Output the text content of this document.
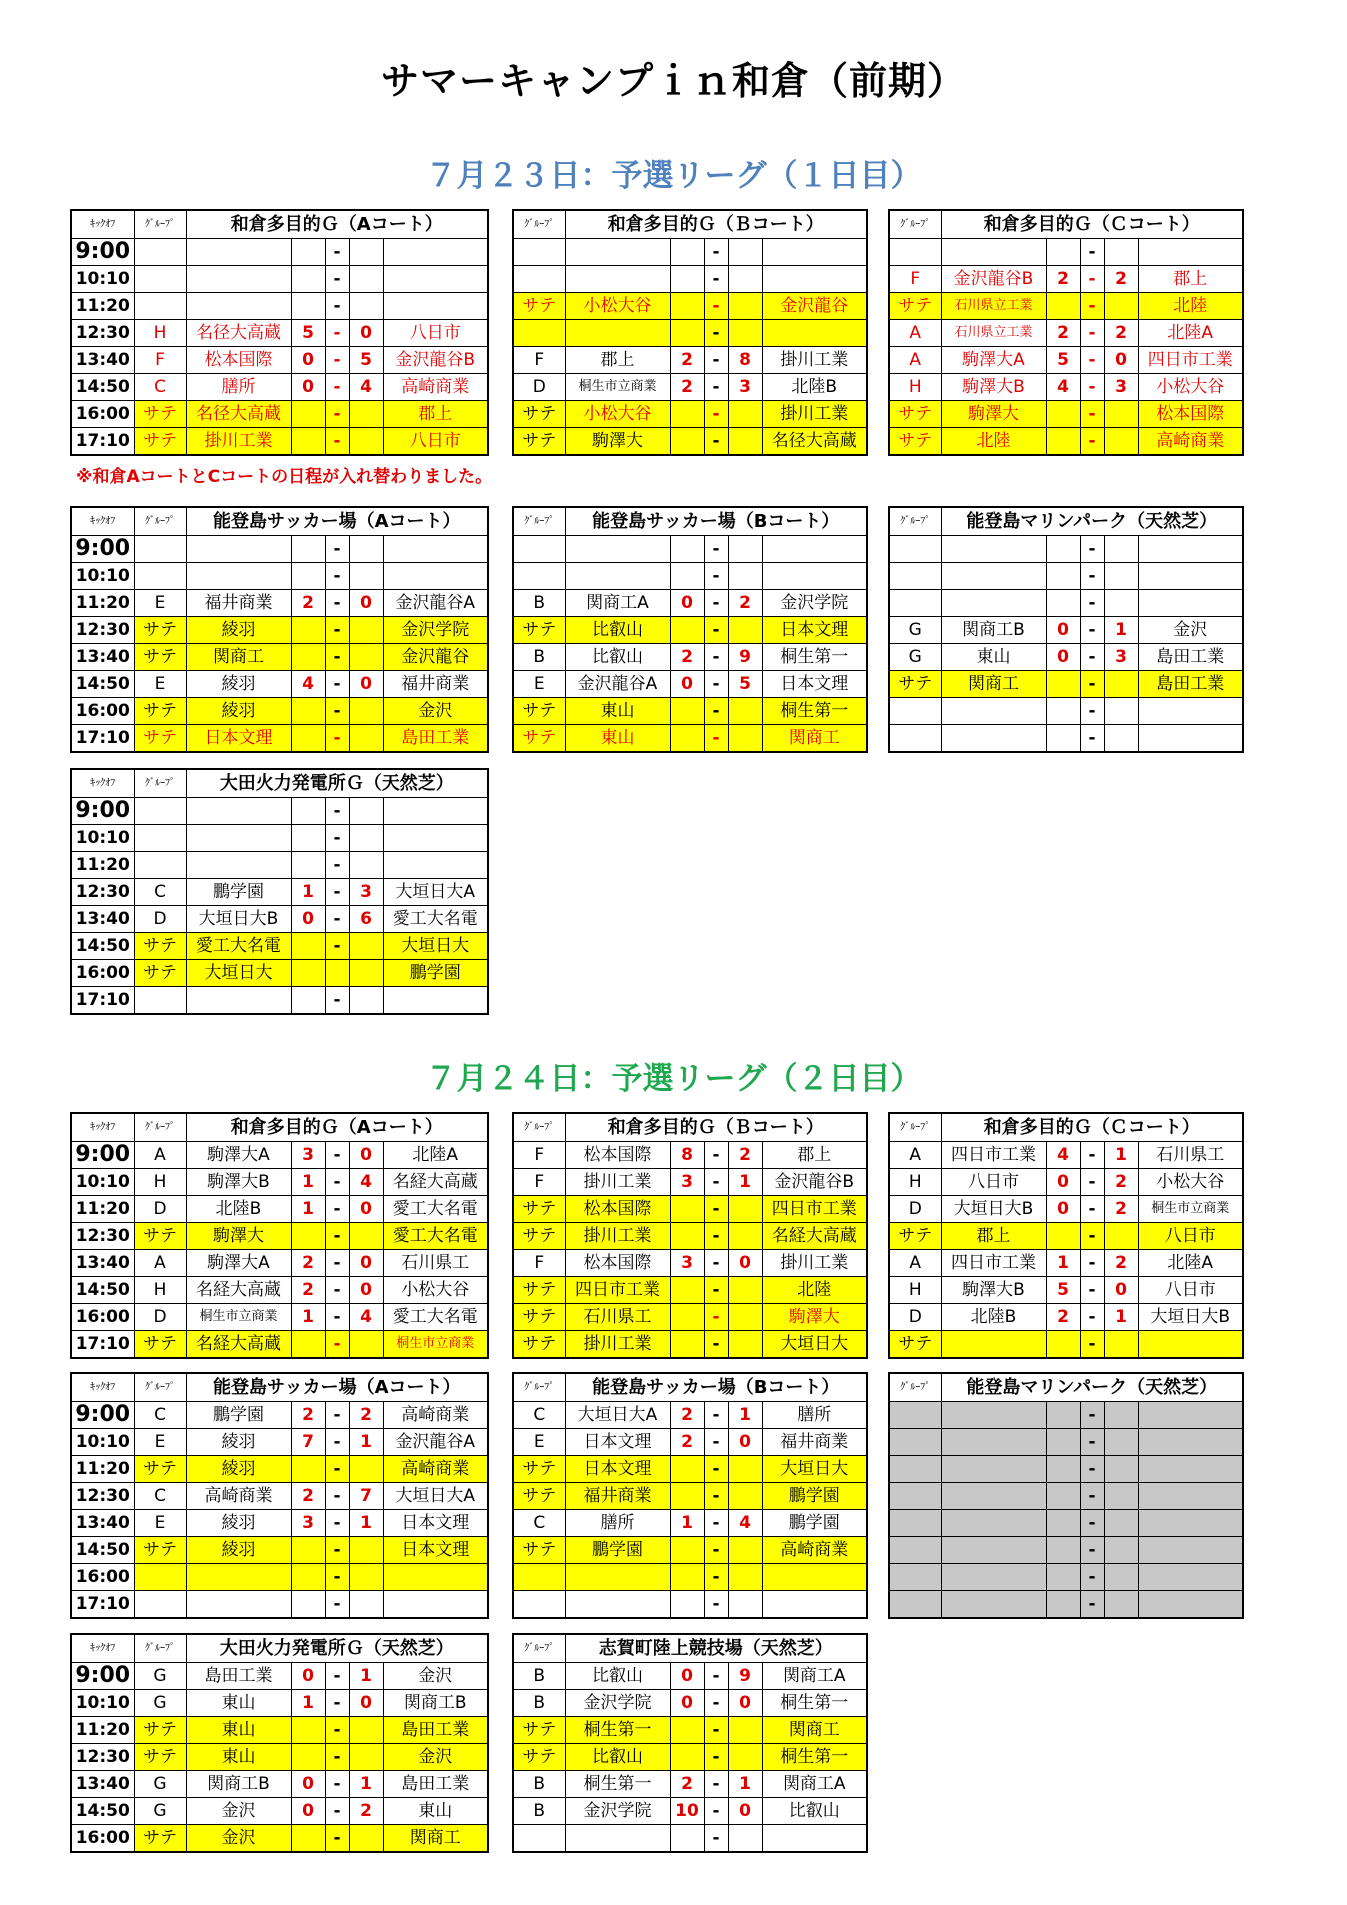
サマーキャンプｉｎ和倉（前期）
７月２３日：予選リーグ（１日目）
７月２４日：予選リーグ（２日目）
※和倉AコートとCコートの日程が入れ替わりました。
ｷｯｸｵﾌ	ｸﾞﾙｰﾌﾟ	和倉多目的Ｇ（Aコート）				
9:00				-		
10:10				-		
11:20				-		
12:30	H	名径大高蔵	5	-	0	八日市
13:40	F	松本国際	0	-	5	金沢龍谷B
14:50	C	膳所	0	-	4	高崎商業
16:00	サテ	名径大高蔵		-		郡上
17:10	サテ	掛川工業		-		八日市
ｸﾞﾙｰﾌﾟ	和倉多目的Ｇ（Ｂコート）				
			-		
			-		
サテ	小松大谷		-		金沢龍谷
			-		
F	郡上	2	-	8	掛川工業
D	桐生市立商業	2	-	3	北陸B
サテ	小松大谷		-		掛川工業
サテ	駒澤大		-		名径大高蔵
ｸﾞﾙｰﾌﾟ	和倉多目的Ｇ（Ｃコート）				
			-		
F	金沢龍谷B	2	-	2	郡上
サテ	石川県立工業		-		北陸
A	石川県立工業	2	-	2	北陸A
A	駒澤大A	5	-	0	四日市工業
H	駒澤大B	4	-	3	小松大谷
サテ	駒澤大		-		松本国際
サテ	北陸		-		高崎商業
ｷｯｸｵﾌ	ｸﾞﾙｰﾌﾟ	能登島サッカー場（Aコート）				
9:00				-		
10:10				-		
11:20	E	福井商業	2	-	0	金沢龍谷A
12:30	サテ	綾羽		-		金沢学院
13:40	サテ	関商工		-		金沢龍谷
14:50	E	綾羽	4	-	0	福井商業
16:00	サテ	綾羽		-		金沢
17:10	サテ	日本文理		-		島田工業
ｸﾞﾙｰﾌﾟ	能登島サッカー場（Bコート）				
			-		
			-		
B	関商工A	0	-	2	金沢学院
サテ	比叡山		-		日本文理
B	比叡山	2	-	9	桐生第一
E	金沢龍谷A	0	-	5	日本文理
サテ	東山		-		桐生第一
サテ	東山		-		関商工
ｸﾞﾙｰﾌﾟ	能登島マリンパーク（天然芝）				
			-		
			-		
			-		
G	関商工B	0	-	1	金沢
G	東山	0	-	3	島田工業
サテ	関商工		-		島田工業
			-		
			-		
ｷｯｸｵﾌ	ｸﾞﾙｰﾌﾟ	大田火力発電所Ｇ（天然芝）				
9:00				-		
10:10				-		
11:20				-		
12:30	C	鵬学園	1	-	3	大垣日大A
13:40	D	大垣日大B	0	-	6	愛工大名電
14:50	サテ	愛工大名電		-		大垣日大
16:00	サテ	大垣日大				鵬学園
17:10				-		
ｷｯｸｵﾌ	ｸﾞﾙｰﾌﾟ	和倉多目的Ｇ（Aコート）				
9:00	A	駒澤大A	3	-	0	北陸A
10:10	H	駒澤大B	1	-	4	名経大高蔵
11:20	D	北陸B	1	-	0	愛工大名電
12:30	サテ	駒澤大		-		愛工大名電
13:40	A	駒澤大A	2	-	0	石川県工
14:50	H	名経大高蔵	2	-	0	小松大谷
16:00	D	桐生市立商業	1	-	4	愛工大名電
17:10	サテ	名経大高蔵		-		桐生市立商業
ｸﾞﾙｰﾌﾟ	和倉多目的Ｇ（Ｂコート）				
F	松本国際	8	-	2	郡上
F	掛川工業	3	-	1	金沢龍谷B
サテ	松本国際		-		四日市工業
サテ	掛川工業		-		名経大高蔵
F	松本国際	3	-	0	掛川工業
サテ	四日市工業		-		北陸
サテ	石川県工		-		駒澤大
サテ	掛川工業		-		大垣日大
ｸﾞﾙｰﾌﾟ	和倉多目的Ｇ（Ｃコート）				
A	四日市工業	4	-	1	石川県工
H	八日市	0	-	2	小松大谷
D	大垣日大B	0	-	2	桐生市立商業
サテ	郡上		-		八日市
A	四日市工業	1	-	2	北陸A
H	駒澤大B	5	-	0	八日市
D	北陸B	2	-	1	大垣日大B
サテ			-		
ｷｯｸｵﾌ	ｸﾞﾙｰﾌﾟ	能登島サッカー場（Aコート）				
9:00	C	鵬学園	2	-	2	高崎商業
10:10	E	綾羽	7	-	1	金沢龍谷A
11:20	サテ	綾羽		-		高崎商業
12:30	C	高崎商業	2	-	7	大垣日大A
13:40	E	綾羽	3	-	1	日本文理
14:50	サテ	綾羽		-		日本文理
16:00				-		
17:10				-		
ｸﾞﾙｰﾌﾟ	能登島サッカー場（Bコート）				
C	大垣日大A	2	-	1	膳所
E	日本文理	2	-	0	福井商業
サテ	日本文理		-		大垣日大
サテ	福井商業		-		鵬学園
C	膳所	1	-	4	鵬学園
サテ	鵬学園		-		高崎商業
			-		
			-		
ｸﾞﾙｰﾌﾟ	能登島マリンパーク（天然芝）				
			-		
			-		
			-		
			-		
			-		
			-		
			-		
			-		
ｷｯｸｵﾌ	ｸﾞﾙｰﾌﾟ	大田火力発電所Ｇ（天然芝）				
9:00	G	島田工業	0	-	1	金沢
10:10	G	東山	1	-	0	関商工B
11:20	サテ	東山		-		島田工業
12:30	サテ	東山		-		金沢
13:40	G	関商工B	0	-	1	島田工業
14:50	G	金沢	0	-	2	東山
16:00	サテ	金沢		-		関商工
ｸﾞﾙｰﾌﾟ	志賀町陸上競技場（天然芝）				
B	比叡山	0	-	9	関商工A
B	金沢学院	0	-	0	桐生第一
サテ	桐生第一		-		関商工
サテ	比叡山		-		桐生第一
B	桐生第一	2	-	1	関商工A
B	金沢学院	10	-	0	比叡山
			-		
